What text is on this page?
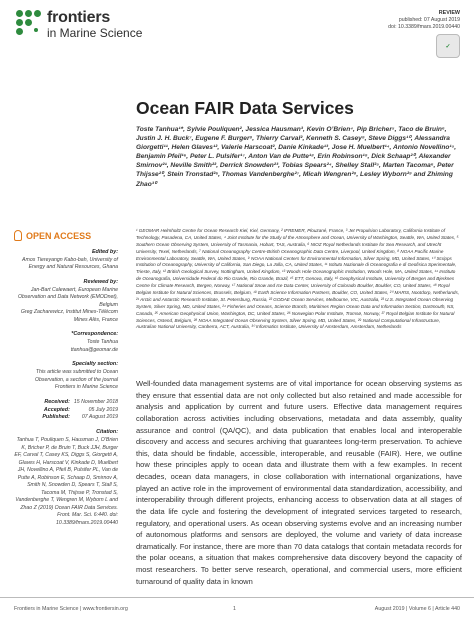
frontiers
in Marine Science
REVIEW
published: 07 August 2019
doi: 10.3389/fmars.2019.00440
✓
Ocean FAIR Data Services
Toste Tanhua¹*, Sylvie Pouliquen², Jessica Hausman³, Kevin O’Brien⁴, Pip Bricher⁵, Taco de Bruin⁶, Justin J. H. Buck⁷, Eugene F. Burger⁸, Thierry Carval², Kenneth S. Casey⁹, Steve Diggs¹⁰, Alessandra Giorgetti¹¹, Helen Glaves¹², Valerie Harscoat², Danie Kinkade¹³, Jose H. Muelbert¹⁴, Antonio Novellino¹⁵, Benjamin Pfeil¹⁶, Peter L. Pulsifer¹⁷, Anton Van de Putte¹⁸, Erin Robinson¹⁹, Dick Schaap²⁰, Alexander Smirnov²¹, Neville Smith²², Derrick Snowden²³, Tobias Spears²⁴, Shelley Stall²⁵, Marten Tacoma⁶, Peter Thijsse²⁰, Stein Tronstad²⁶, Thomas Vandenberghe²⁷, Micah Wengren²⁸, Lesley Wyborn²⁹ and Zhiming Zhao³⁰
¹ GEOMAR Helmholtz Centre for Ocean Research Kiel, Kiel, Germany, ² IFREMER, Plouzané, France, ³ Jet Propulsion Laboratory, California Institute of Technology, Pasadena, CA, United States, ⁴ Joint Institute for the Study of the Atmosphere and Ocean, University of Washington, Seattle, WA, United States, ⁵ Southern Ocean Observing System, University of Tasmania, Hobart, TAS, Australia, ⁶ NIOZ Royal Netherlands Institute for Sea Research, and Utrecht University, Texel, Netherlands, ⁷ National Oceanography Centre-British Oceanographic Data Centre, Liverpool, United Kingdom, ⁸ NOAA Pacific Marine Environmental Laboratory, Seattle, WA, United States, ⁹ NOAA National Centers for Environmental Information, Silver Spring, MD, United States, ¹⁰ Scripps Institution of Oceanography, University of California, San Diego, La Jolla, CA, United States, ¹¹ Istituto Nazionale di Oceanografia e di Geofisica Sperimentale, Trieste, Italy, ¹² British Geological Survey, Nottingham, United Kingdom, ¹³ Woods Hole Oceanographic Institution, Woods Hole, MA, United States, ¹⁴ Instituto de Oceanografia, Universidade Federal do Rio Grande, Rio Grande, Brazil, ¹⁵ ETT, Genova, Italy, ¹⁶ Geophysical Institute, University of Bergen and Bjerknes Centre for Climate Research, Bergen, Norway, ¹⁷ National Snow and Ice Data Center, University of Colorado Boulder, Boulder, CO, United States, ¹⁸ Royal Belgian Institute for Natural Sciences, Brussels, Belgium, ¹⁹ Earth Science Information Partners, Boulder, CO, United States, ²⁰ MARIS, Nootdorp, Netherlands, ²¹ Arctic and Antarctic Research Institute, St. Petersburg, Russia, ²² GODAE Ocean Services, Melbourne, VIC, Australia, ²³ U.S. Integrated Ocean Observing System, Silver Spring, MD, United States, ²⁴ Fisheries and Oceans, Science Branch, Maritimes Region Ocean Data and Information Section, Dartmouth, NS, Canada, ²⁵ American Geophysical Union, Washington, DC, United States, ²⁶ Norwegian Polar Institute, Tromsø, Norway, ²⁷ Royal Belgian Institute for Natural Sciences, Ostend, Belgium, ²⁸ NOAA Integrated Ocean Observing System, Silver Spring, MD, United States, ²⁹ National Computational Infrastructure, Australian National University, Canberra, ACT, Australia, ³⁰ Informatics Institute, University of Amsterdam, Amsterdam, Netherlands
OPEN ACCESS
Edited by:
Amos Tiereyangn Kabo-bah, University of Energy and Natural Resources, Ghana
Reviewed by:
Jan-Bart Calewaert, European Marine Observation and Data Network (EMODnet), Belgium
Greg Zacharewicz, Institut Mines-Télécom Mines Alès, France
*Correspondence:
Toste Tanhua
ttanhua@geomar.de
Specialty section:
This article was submitted to Ocean Observation, a section of the journal Frontiers in Marine Science
Received: 15 November 2018
Accepted:	05 July 2019
Published:	07 August 2019
Citation:
Tanhua T, Pouliquen S, Hausman J, O’Brien K, Bricher P, de Bruin T, Buck JJH, Burger EF, Carval T, Casey KS, Diggs S, Giorgetti A, Glaves H, Harscoat V, Kinkade D, Muelbert JH, Novellino A, Pfeil B, Pulsifer PL, Van de Putte A, Robinson E, Schaap D, Smirnov A, Smith N, Snowden D, Spears T, Stall S, Tacoma M, Thijsse P, Tronstad S, Vandenberghe T, Wengren M, Wyborn L and Zhao Z (2019) Ocean FAIR Data Services. Front. Mar. Sci. 6:440. doi: 10.3389/fmars.2019.00440
Well-founded data management systems are of vital importance for ocean observing systems as they ensure that essential data are not only collected but also retained and made accessible for analysis and application by current and future users. Effective data management requires collaboration across activities including observations, metadata and data assembly, quality assurance and control (QA/QC), and data publication that enables local and interoperable discovery and access and secures archiving that guarantees long-term preservation. To achieve this, data should be findable, accessible, interoperable, and reusable (FAIR). Here, we outline how these principles apply to ocean data and illustrate them with a few examples. In recent decades, ocean data managers, in close collaboration with international organizations, have played an active role in the improvement of environmental data standardization, accessibility, and interoperability through different projects, enhancing access to observation data at all stages of the data life cycle and fostering the development of integrated services targeted to research, regulatory, and operational users. As ocean observing systems evolve and an increasing number of autonomous platforms and sensors are deployed, the volume and variety of data increase dramatically. For instance, there are more than 70 data catalogs that contain metadata records for the polar oceans, a situation that makes comprehensive data discovery beyond the capacity of most researchers. To better serve research, operational, and commercial users, more efficient turnaround of quality data in known
Frontiers in Marine Science | www.frontiersin.org	1	August 2019 | Volume 6 | Article 440
